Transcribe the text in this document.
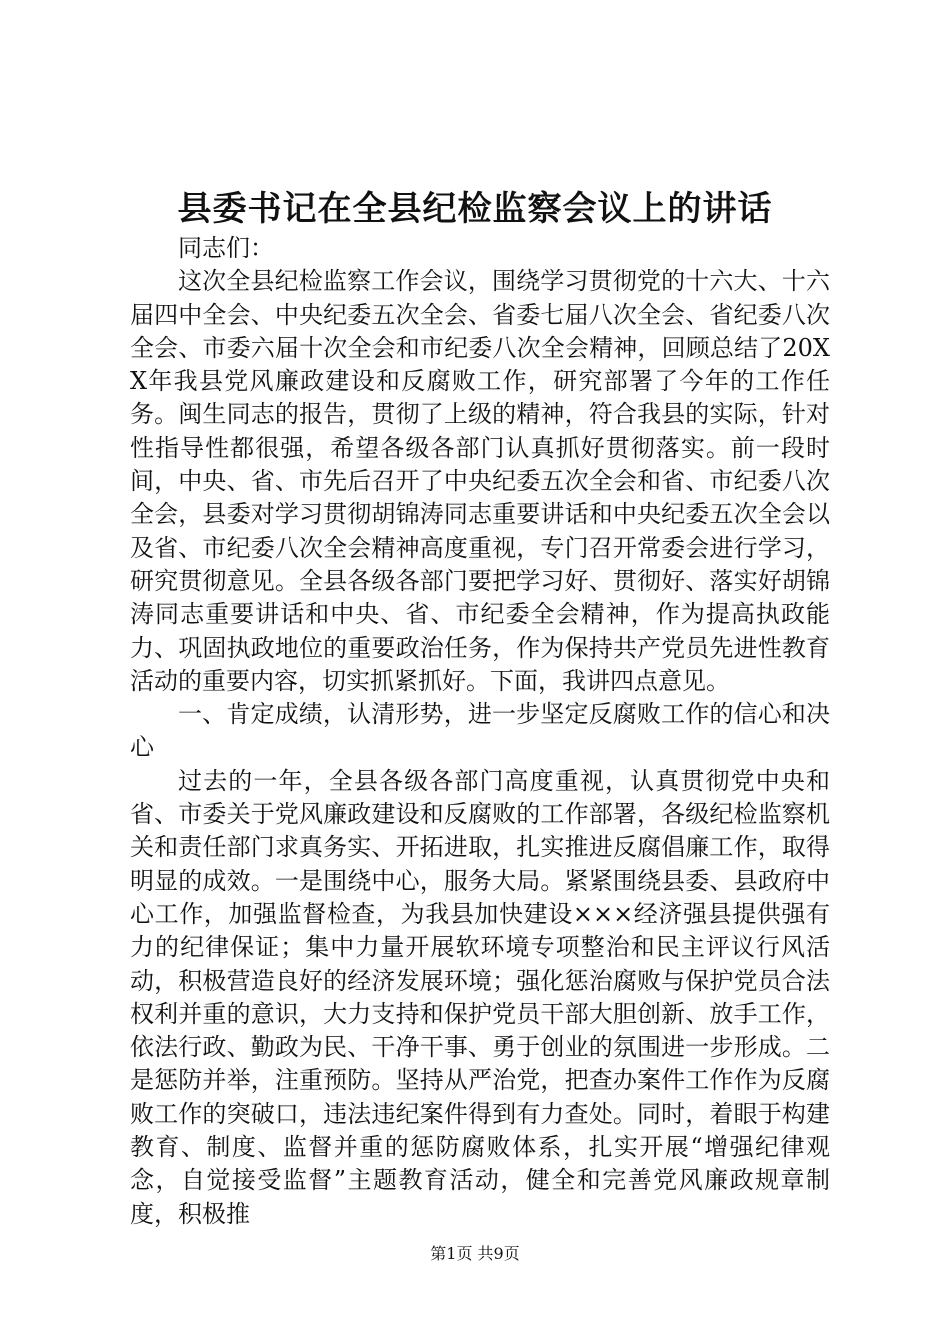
县委书记在全县纪检监察会议上的讲话

同志们：

这次全县纪检监察工作会议，围绕学习贯彻党的十六大、十六届四中全会、中央纪委五次全会、省委七届八次全会、省纪委八次全会、市委六届十次全会和市纪委八次全会精神，回顾总结了20XX年我县党风廉政建设和反腐败工作，研究部署了今年的工作任务。闽生同志的报告，贯彻了上级的精神，符合我县的实际，针对性指导性都很强，希望各级各部门认真抓好贯彻落实。前一段时间，中央、省、市先后召开了中央纪委五次全会和省、市纪委八次全会，县委对学习贯彻胡锦涛同志重要讲话和中央纪委五次全会以及省、市纪委八次全会精神高度重视，专门召开常委会进行学习，研究贯彻意见。全县各级各部门要把学习好、贯彻好、落实好胡锦涛同志重要讲话和中央、省、市纪委全会精神，作为提高执政能力、巩固执政地位的重要政治任务，作为保持共产党员先进性教育活动的重要内容，切实抓紧抓好。下面，我讲四点意见。

一、肯定成绩，认清形势，进一步坚定反腐败工作的信心和决心

过去的一年，全县各级各部门高度重视，认真贯彻党中央和省、市委关于党风廉政建设和反腐败的工作部署，各级纪检监察机关和责任部门求真务实、开拓进取，扎实推进反腐倡廉工作，取得明显的成效。一是围绕中心，服务大局。紧紧围绕县委、县政府中心工作，加强监督检查，为我县加快建设×××经济强县提供强有力的纪律保证；集中力量开展软环境专项整治和民主评议行风活动，积极营造良好的经济发展环境；强化惩治腐败与保护党员合法权利并重的意识，大力支持和保护党员干部大胆创新、放手工作，依法行政、勤政为民、干净干事、勇于创业的氛围进一步形成。二是惩防并举，注重预防。坚持从严治党，把查办案件工作作为反腐败工作的突破口，违法违纪案件得到有力查处。同时，着眼于构建教育、制度、监督并重的惩防腐败体系，扎实开展“增强纪律观念，自觉接受监督”主题教育活动，健全和完善党风廉政规章制度，积极推

第1页 共9页
